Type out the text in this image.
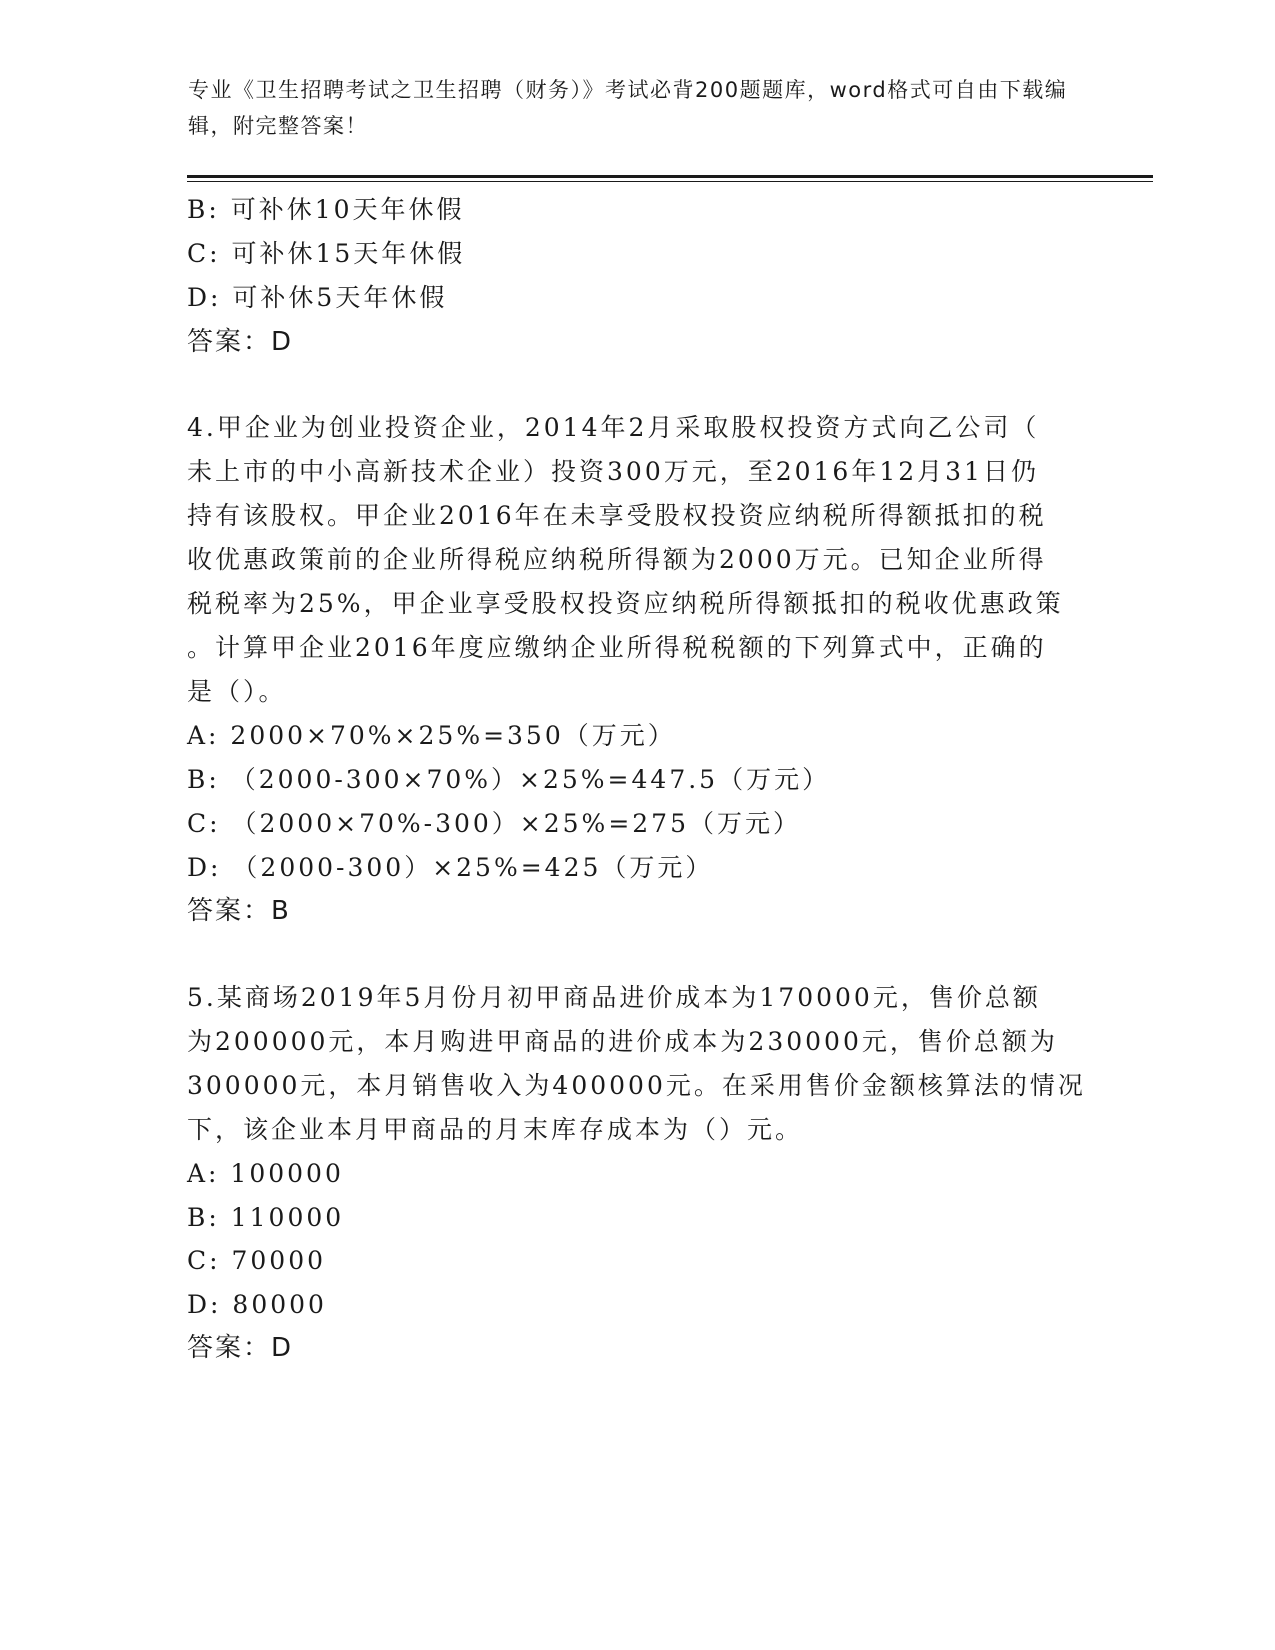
专业《卫生招聘考试之卫生招聘（财务）》考试必背200题题库，word格式可自由下载编辑，附完整答案！
B: 可补休10天年休假
C: 可补休15天年休假
D: 可补休5天年休假
答案：D
4.甲企业为创业投资企业，2014年2月采取股权投资方式向乙公司（
未上市的中小高新技术企业）投资300万元，至2016年12月31日仍
持有该股权。甲企业2016年在未享受股权投资应纳税所得额抵扣的税
收优惠政策前的企业所得税应纳税所得额为2000万元。已知企业所得
税税率为25%，甲企业享受股权投资应纳税所得额抵扣的税收优惠政策
。计算甲企业2016年度应缴纳企业所得税税额的下列算式中，正确的
是（）。
A: 2000×70%×25%=350（万元）
B: （2000-300×70%）×25%=447.5（万元）
C: （2000×70%-300）×25%=275（万元）
D: （2000-300）×25%=425（万元）
答案：B
5.某商场2019年5月份月初甲商品进价成本为170000元，售价总额
为200000元，本月购进甲商品的进价成本为230000元，售价总额为
300000元，本月销售收入为400000元。在采用售价金额核算法的情况
下，该企业本月甲商品的月末库存成本为（）元。
A: 100000
B: 110000
C: 70000
D: 80000
答案：D
